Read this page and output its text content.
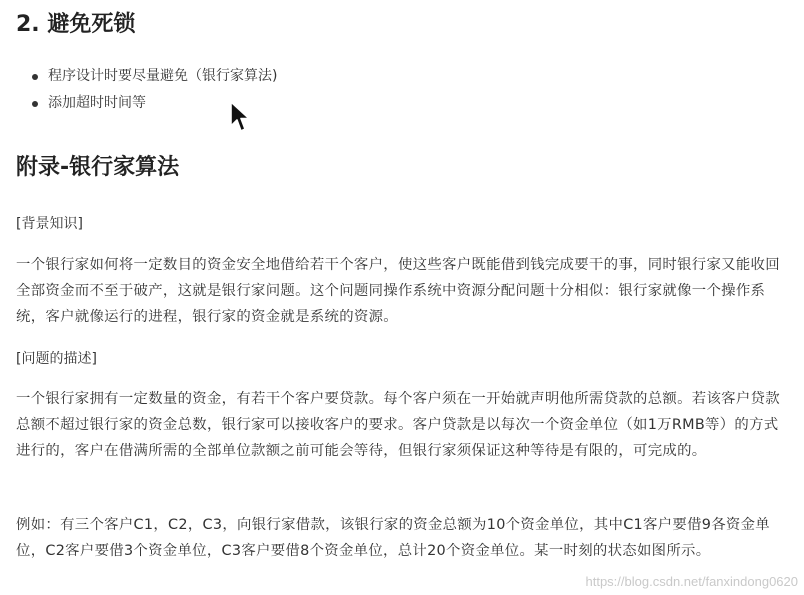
2. 避免死锁
程序设计时要尽量避免（银行家算法)
添加超时时间等
附录-银行家算法
[背景知识]

一个银行家如何将一定数目的资金安全地借给若干个客户，使这些客户既能借到钱完成要干的事，同时银行家又能收回全部资金而不至于破产，这就是银行家问题。这个问题同操作系统中资源分配问题十分相似：银行家就像一个操作系统，客户就像运行的进程，银行家的资金就是系统的资源。

[问题的描述]

一个银行家拥有一定数量的资金，有若干个客户要贷款。每个客户须在一开始就声明他所需贷款的总额。若该客户贷款总额不超过银行家的资金总数，银行家可以接收客户的要求。客户贷款是以每次一个资金单位（如1万RMB等）的方式进行的，客户在借满所需的全部单位款额之前可能会等待，但银行家须保证这种等待是有限的，可完成的。

例如：有三个客户C1，C2，C3，向银行家借款，该银行家的资金总额为10个资金单位，其中C1客户要借9各资金单位，C2客户要借3个资金单位，C3客户要借8个资金单位，总计20个资金单位。某一时刻的状态如图所示。

https://blog.csdn.net/fanxindong0620
